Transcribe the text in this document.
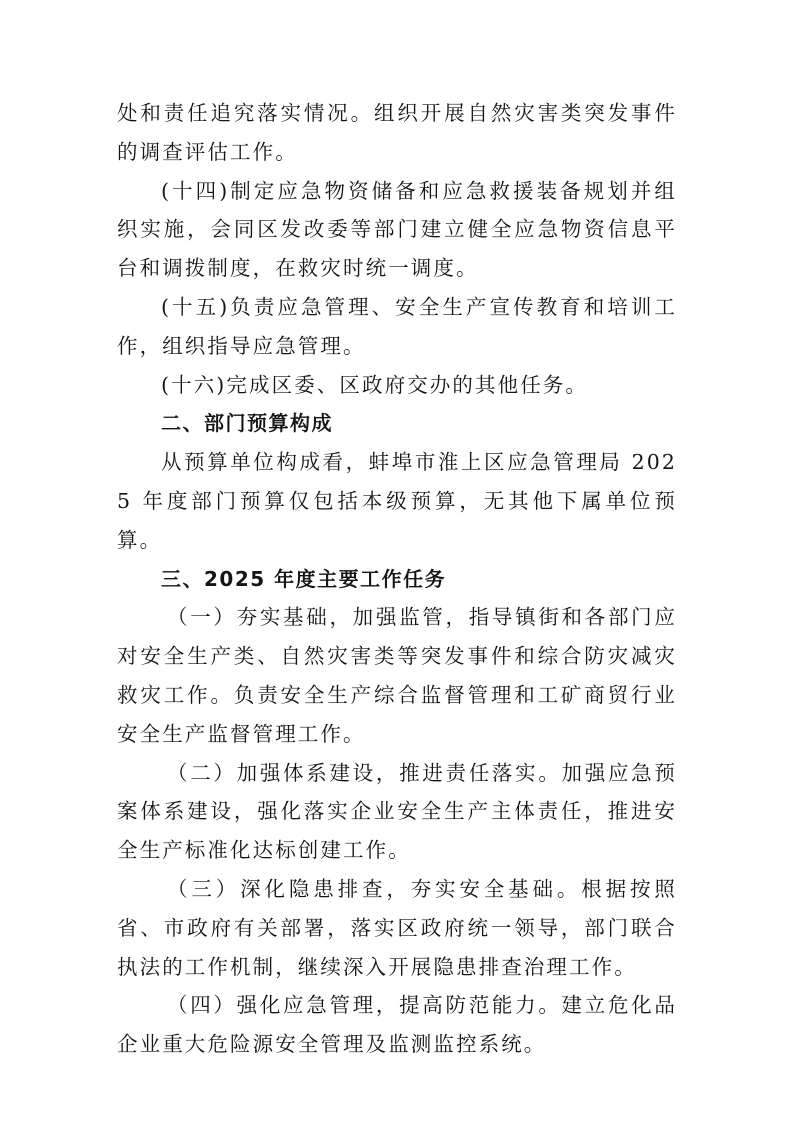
处和责任追究落实情况。组织开展自然灾害类突发事件的调查评估工作。

(十四)制定应急物资储备和应急救援装备规划并组织实施，会同区发改委等部门建立健全应急物资信息平台和调拨制度，在救灾时统一调度。

(十五)负责应急管理、安全生产宣传教育和培训工作，组织指导应急管理。

(十六)完成区委、区政府交办的其他任务。

二、部门预算构成

从预算单位构成看，蚌埠市淮上区应急管理局 2025 年度部门预算仅包括本级预算，无其他下属单位预算。

三、2025 年度主要工作任务

（一）夯实基础，加强监管，指导镇街和各部门应对安全生产类、自然灾害类等突发事件和综合防灾减灾救灾工作。负责安全生产综合监督管理和工矿商贸行业安全生产监督管理工作。

（二）加强体系建设，推进责任落实。加强应急预案体系建设，强化落实企业安全生产主体责任，推进安全生产标准化达标创建工作。

（三）深化隐患排查，夯实安全基础。根据按照省、市政府有关部署，落实区政府统一领导，部门联合执法的工作机制，继续深入开展隐患排查治理工作。

（四）强化应急管理，提高防范能力。建立危化品企业重大危险源安全管理及监测监控系统。
